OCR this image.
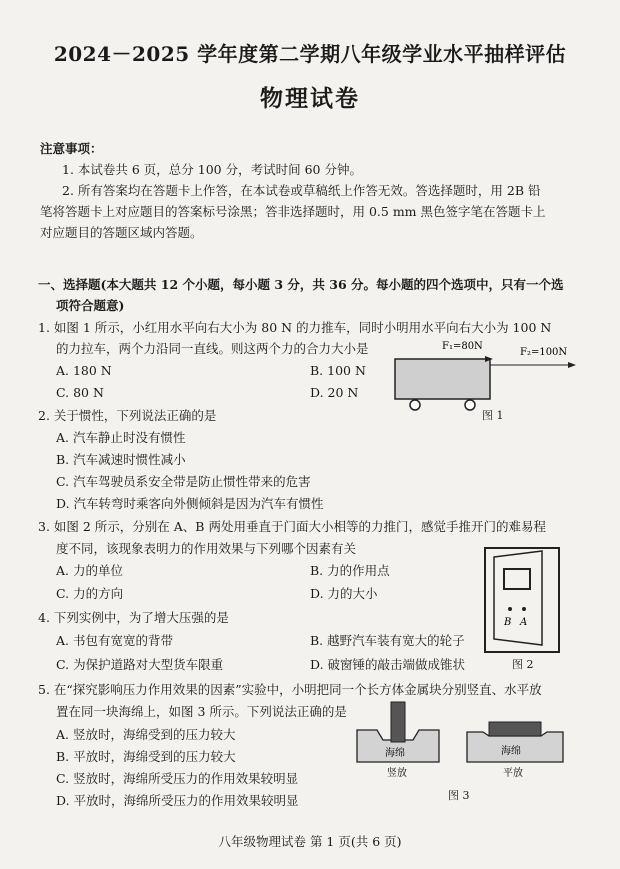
2024－2025 学年度第二学期八年级学业水平抽样评估
物理试卷
注意事项：
1. 本试卷共 6 页，总分 100 分，考试时间 60 分钟。
2. 所有答案均在答题卡上作答，在本试卷或草稿纸上作答无效。答选择题时，用 2B 铅
笔将答题卡上对应题目的答案标号涂黑；答非选择题时，用 0.5 mm 黑色签字笔在答题卡上
对应题目的答题区域内答题。
一、选择题(本大题共 12 个小题，每小题 3 分，共 36 分。每小题的四个选项中，只有一个选
项符合题意)
1. 如图 1 所示，小红用水平向右大小为 80 N 的力推车，同时小明用水平向右大小为 100 N
的力拉车，两个力沿同一直线。则这两个力的合力大小是
A. 180 N	B. 100 N
C. 80 N	D. 20 N
F₁=80N
F₂=100N
图 1
2. 关于惯性，下列说法正确的是
A. 汽车静止时没有惯性
B. 汽车减速时惯性减小
C. 汽车驾驶员系安全带是防止惯性带来的危害
D. 汽车转弯时乘客向外侧倾斜是因为汽车有惯性
3. 如图 2 所示，分别在 A、B 两处用垂直于门面大小相等的力推门，感觉手推开门的难易程
度不同，该现象表明力的作用效果与下列哪个因素有关
A. 力的单位	B. 力的作用点
C. 力的方向	D. 力的大小
B A
图 2
4. 下列实例中，为了增大压强的是
A. 书包有宽宽的背带	B. 越野汽车装有宽大的轮子
C. 为保护道路对大型货车限重	D. 破窗锤的敲击端做成锥状
5. 在“探究影响压力作用效果的因素”实验中，小明把同一个长方体金属块分别竖直、水平放
置在同一块海绵上，如图 3 所示。下列说法正确的是
A. 竖放时，海绵受到的压力较大
B. 平放时，海绵受到的压力较大
C. 竖放时，海绵所受压力的作用效果较明显
D. 平放时，海绵所受压力的作用效果较明显
海绵	海绵
竖放	平放
图 3
八年级物理试卷 第 1 页(共 6 页)
